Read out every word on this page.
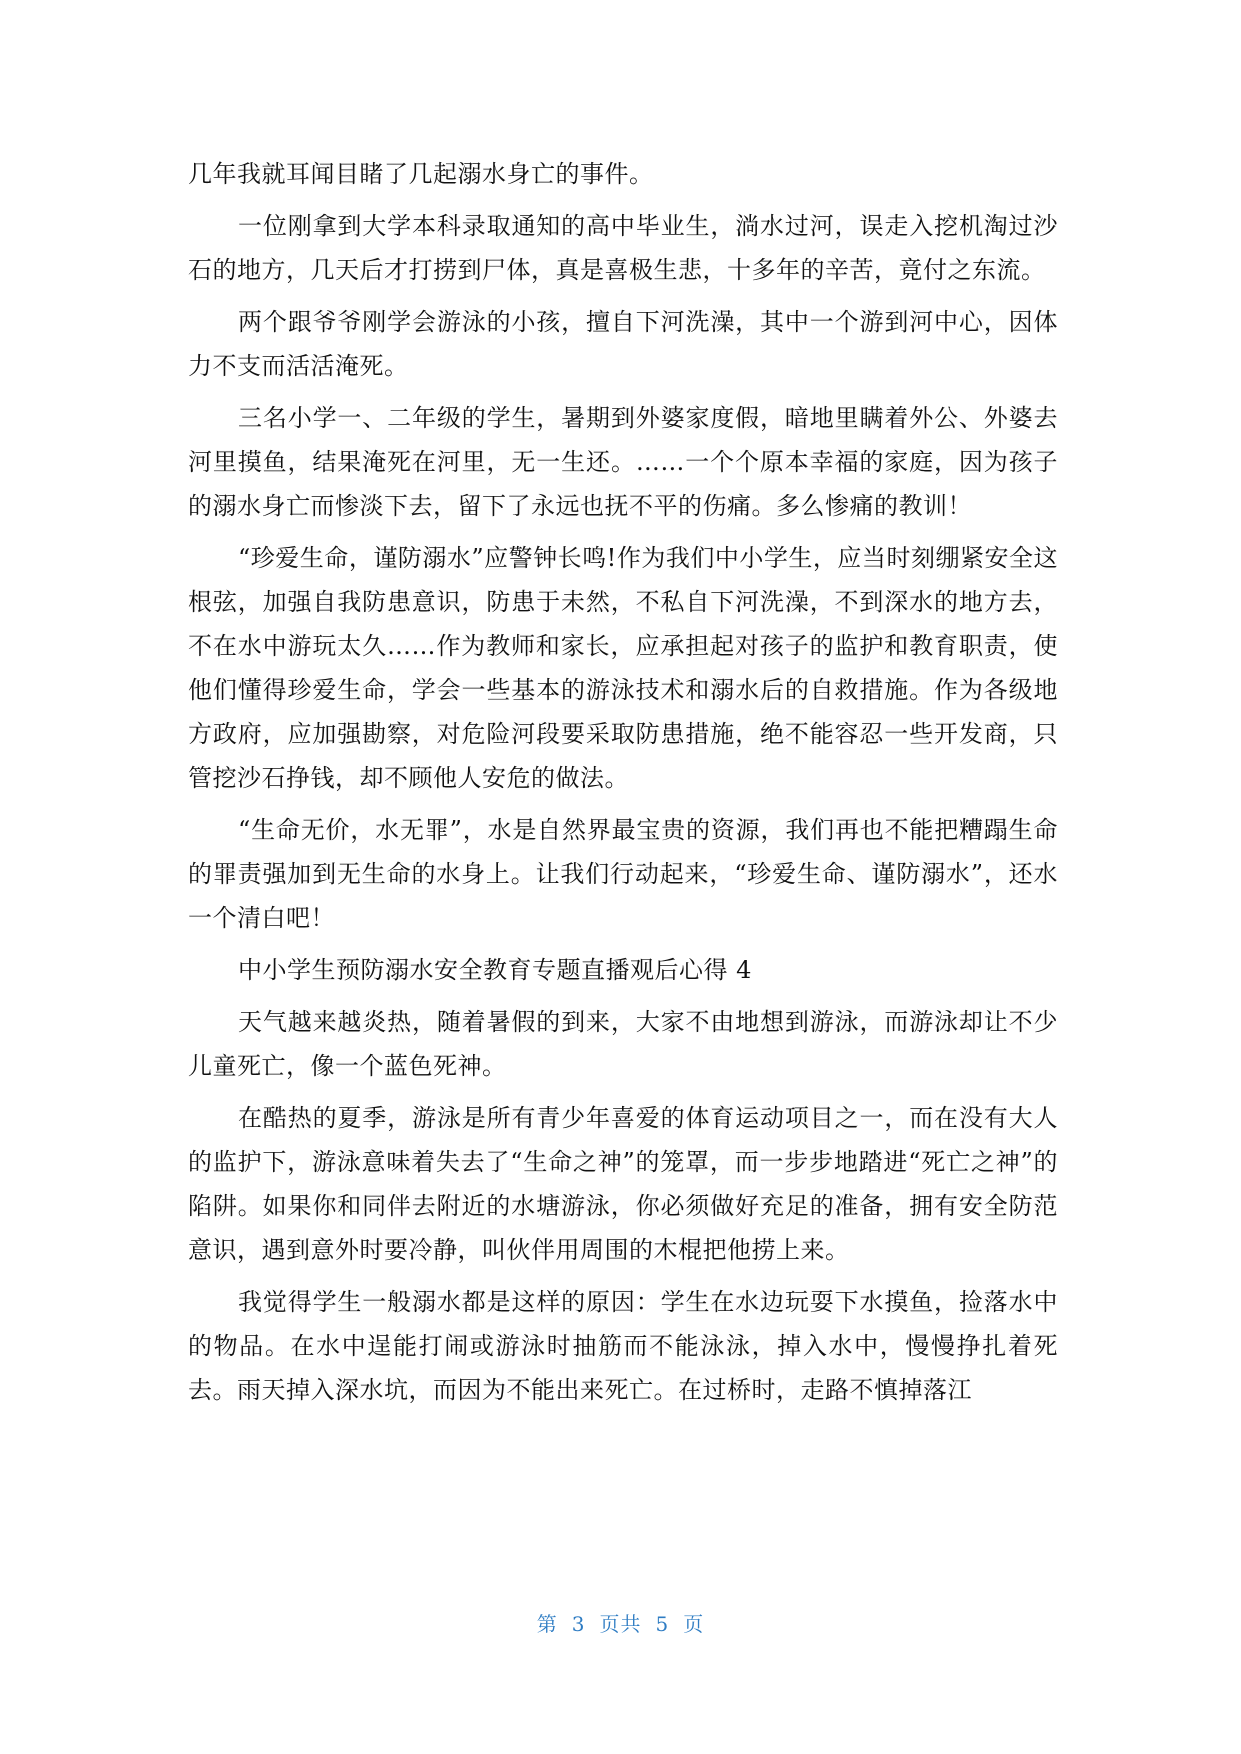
几年我就耳闻目睹了几起溺水身亡的事件。

一位刚拿到大学本科录取通知的高中毕业生，淌水过河，误走入挖机淘过沙石的地方，几天后才打捞到尸体，真是喜极生悲，十多年的辛苦，竟付之东流。

两个跟爷爷刚学会游泳的小孩，擅自下河洗澡，其中一个游到河中心，因体力不支而活活淹死。

三名小学一、二年级的学生，暑期到外婆家度假，暗地里瞒着外公、外婆去河里摸鱼，结果淹死在河里，无一生还。……一个个原本幸福的家庭，因为孩子的溺水身亡而惨淡下去，留下了永远也抚不平的伤痛。多么惨痛的教训！

“珍爱生命，谨防溺水”应警钟长鸣!作为我们中小学生，应当时刻绷紧安全这根弦，加强自我防患意识，防患于未然，不私自下河洗澡，不到深水的地方去，不在水中游玩太久……作为教师和家长，应承担起对孩子的监护和教育职责，使他们懂得珍爱生命，学会一些基本的游泳技术和溺水后的自救措施。作为各级地方政府，应加强勘察，对危险河段要采取防患措施，绝不能容忍一些开发商，只管挖沙石挣钱，却不顾他人安危的做法。

“生命无价，水无罪”，水是自然界最宝贵的资源，我们再也不能把糟蹋生命的罪责强加到无生命的水身上。让我们行动起来，“珍爱生命、谨防溺水”，还水一个清白吧！

中小学生预防溺水安全教育专题直播观后心得 4

天气越来越炎热，随着暑假的到来，大家不由地想到游泳，而游泳却让不少儿童死亡，像一个蓝色死神。

在酷热的夏季，游泳是所有青少年喜爱的体育运动项目之一，而在没有大人的监护下，游泳意味着失去了“生命之神”的笼罩，而一步步地踏进“死亡之神”的陷阱。如果你和同伴去附近的水塘游泳，你必须做好充足的准备，拥有安全防范意识，遇到意外时要冷静，叫伙伴用周围的木棍把他捞上来。

我觉得学生一般溺水都是这样的原因：学生在水边玩耍下水摸鱼，捡落水中的物品。在水中逞能打闹或游泳时抽筋而不能泳泳，掉入水中，慢慢挣扎着死去。雨天掉入深水坑，而因为不能出来死亡。在过桥时，走路不慎掉落江

第 3 页共 5 页
